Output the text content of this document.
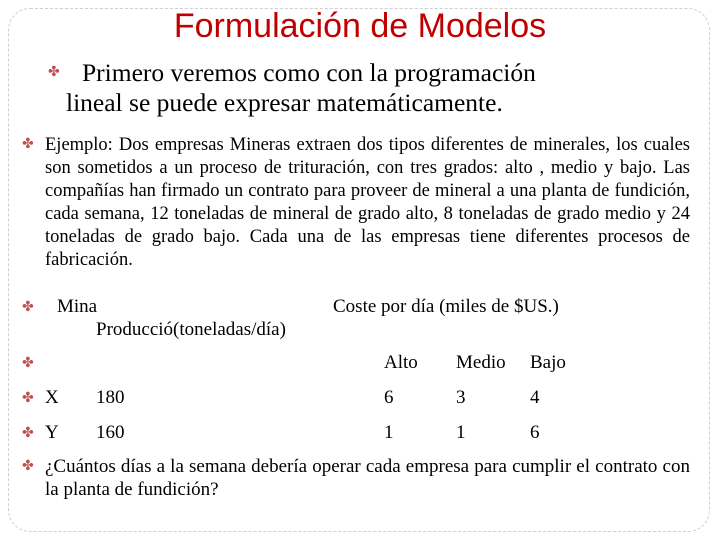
Formulación de Modelos
✤ Primero veremos como con la programación
lineal se puede expresar matemáticamente.
✤ Ejemplo: Dos empresas Mineras extraen dos tipos diferentes de minerales, los cuales son sometidos a un proceso de trituración, con tres grados: alto , medio y bajo. Las compañías han firmado un contrato para proveer de mineral a una planta de fundición, cada semana, 12 toneladas de mineral de grado alto, 8 toneladas de grado medio y 24 toneladas de grado bajo. Cada una de las empresas tiene diferentes procesos de fabricación.
✤ Mina	Coste por día (miles de $US.)
Producció(toneladas/día)
✤	Alto Medio Bajo
✤ X 180	6	3	4
✤ Y 160	1	1	6
✤ ¿Cuántos días a la semana debería operar cada empresa para cumplir el contrato con la planta de fundición?
